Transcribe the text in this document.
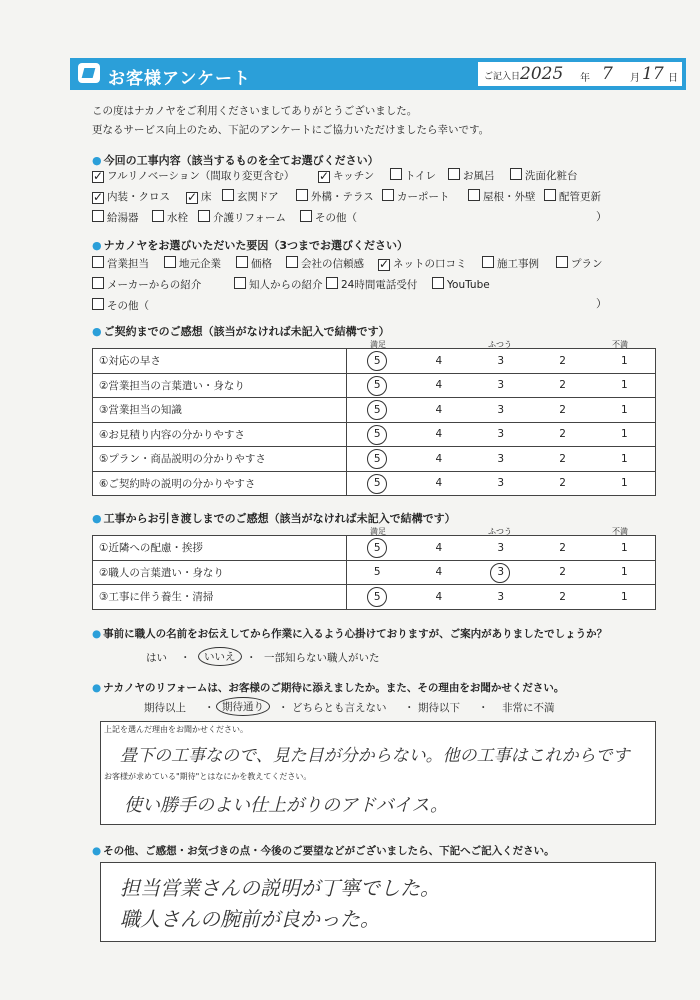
お客様アンケート	ご記入日 2025 年 7 月 17 日
この度はナカノヤをご利用くださいましてありがとうございました。
更なるサービス向上のため、下記のアンケートにご協力いただけましたら幸いです。
● 今回の工事内容（該当するものを全てお選びください）
✓ フルリノベーション（間取り変更含む）	✓ キッチン	トイレ	お風呂	洗面化粧台
✓ 内装・クロス	✓ 床	玄関ドア	外構・テラス	カーポート	屋根・外壁	配管更新
給湯器	水栓	介護リフォーム	その他（	）
● ナカノヤをお選びいただいた要因（3つまでお選びください）
営業担当	地元企業	価格	会社の信頼感	✓ ネットの口コミ	施工事例	プラン
メーカーからの紹介	知人からの紹介	24時間電話受付	YouTube
その他（	）
● ご契約までのご感想（該当がなければ未記入で結構です）
満足	ふつう	不満
①対応の早さ	5	4	3	2	1
②営業担当の言葉遣い・身なり	5	4	3	2	1
③営業担当の知識	5	4	3	2	1
④お見積り内容の分かりやすさ	5	4	3	2	1
⑤プラン・商品説明の分かりやすさ	5	4	3	2	1
⑥ご契約時の説明の分かりやすさ	5	4	3	2	1
● 工事からお引き渡しまでのご感想（該当がなければ未記入で結構です）
満足	ふつう	不満
①近隣への配慮・挨拶	5	4	3	2	1
②職人の言葉遣い・身なり	5	4	3	2	1
③工事に伴う養生・清掃	5	4	3	2	1
● 事前に職人の名前をお伝えしてから作業に入るよう心掛けておりますが、ご案内がありましたでしょうか？
はい ・	いいえ	・ 一部知らない職人がいた
● ナカノヤのリフォームは、お客様のご期待に添えましたか。また、その理由をお聞かせください。
期待以上 ・ 期待通り	・ どちらとも言えない ・ 期待以下 ・ 非常に不満
上記を選んだ理由をお聞かせください。
畳下の工事なので、見た目が分からない。他の工事はこれからです
お客様が求めている"期待"とはなにかを教えてください。
使い勝手のよい仕上がりのアドバイス。
● その他、ご感想・お気づきの点・今後のご要望などがございましたら、下記へご記入ください。
担当営業さんの説明が丁寧でした。
職人さんの腕前が良かった。
